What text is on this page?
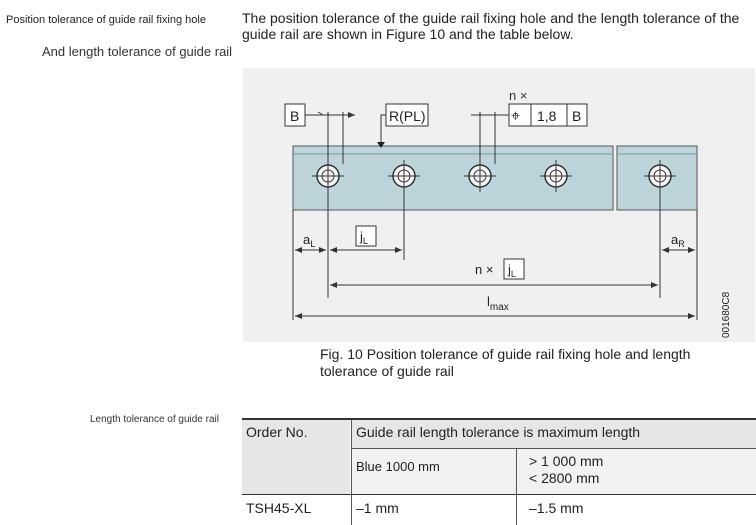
Position tolerance of guide rail fixing hole	The position tolerance of the guide rail fixing hole and the length tolerance of the guide rail are shown in Figure 10 and the table below.
And length tolerance of guide rail
B	R(PL)
n ×
⌖ 1,8 B
$a_L$	$j_L$
$n \times j_L$
$a_R$
$l_{max}$	001680C8
Fig. 10 Position tolerance of guide rail fixing hole and length tolerance of guide rail
Length tolerance of guide rail
Order No.	Guide rail length tolerance is maximum length
Blue 1000 mm	> 1 000 mm
< 2800 mm
TSH45-XL	–1 mm	–1.5 mm
